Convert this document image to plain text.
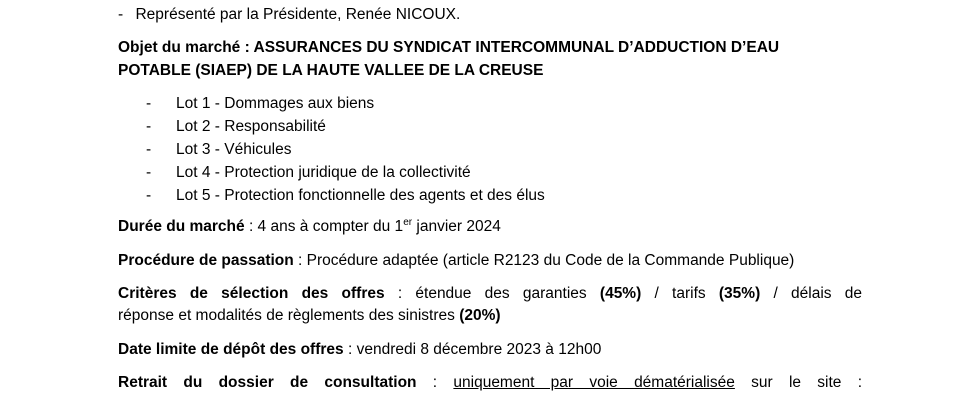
- Représenté par la Présidente, Renée NICOUX.
Objet du marché : ASSURANCES DU SYNDICAT INTERCOMMUNAL D’ADDUCTION D’EAU
POTABLE (SIAEP) DE LA HAUTE VALLEE DE LA CREUSE
- Lot 1 - Dommages aux biens
- Lot 2 - Responsabilité
- Lot 3 - Véhicules
- Lot 4 - Protection juridique de la collectivité
- Lot 5 - Protection fonctionnelle des agents et des élus
Durée du marché : 4 ans à compter du 1er janvier 2024
Procédure de passation : Procédure adaptée (article R2123 du Code de la Commande Publique)
Critères de sélection des offres : étendue des garanties (45%) / tarifs (35%) / délais de
réponse et modalités de règlements des sinistres (20%)
Date limite de dépôt des offres : vendredi 8 décembre 2023 à 12h00
Retrait du dossier de consultation : uniquement par voie dématérialisée sur le site :
